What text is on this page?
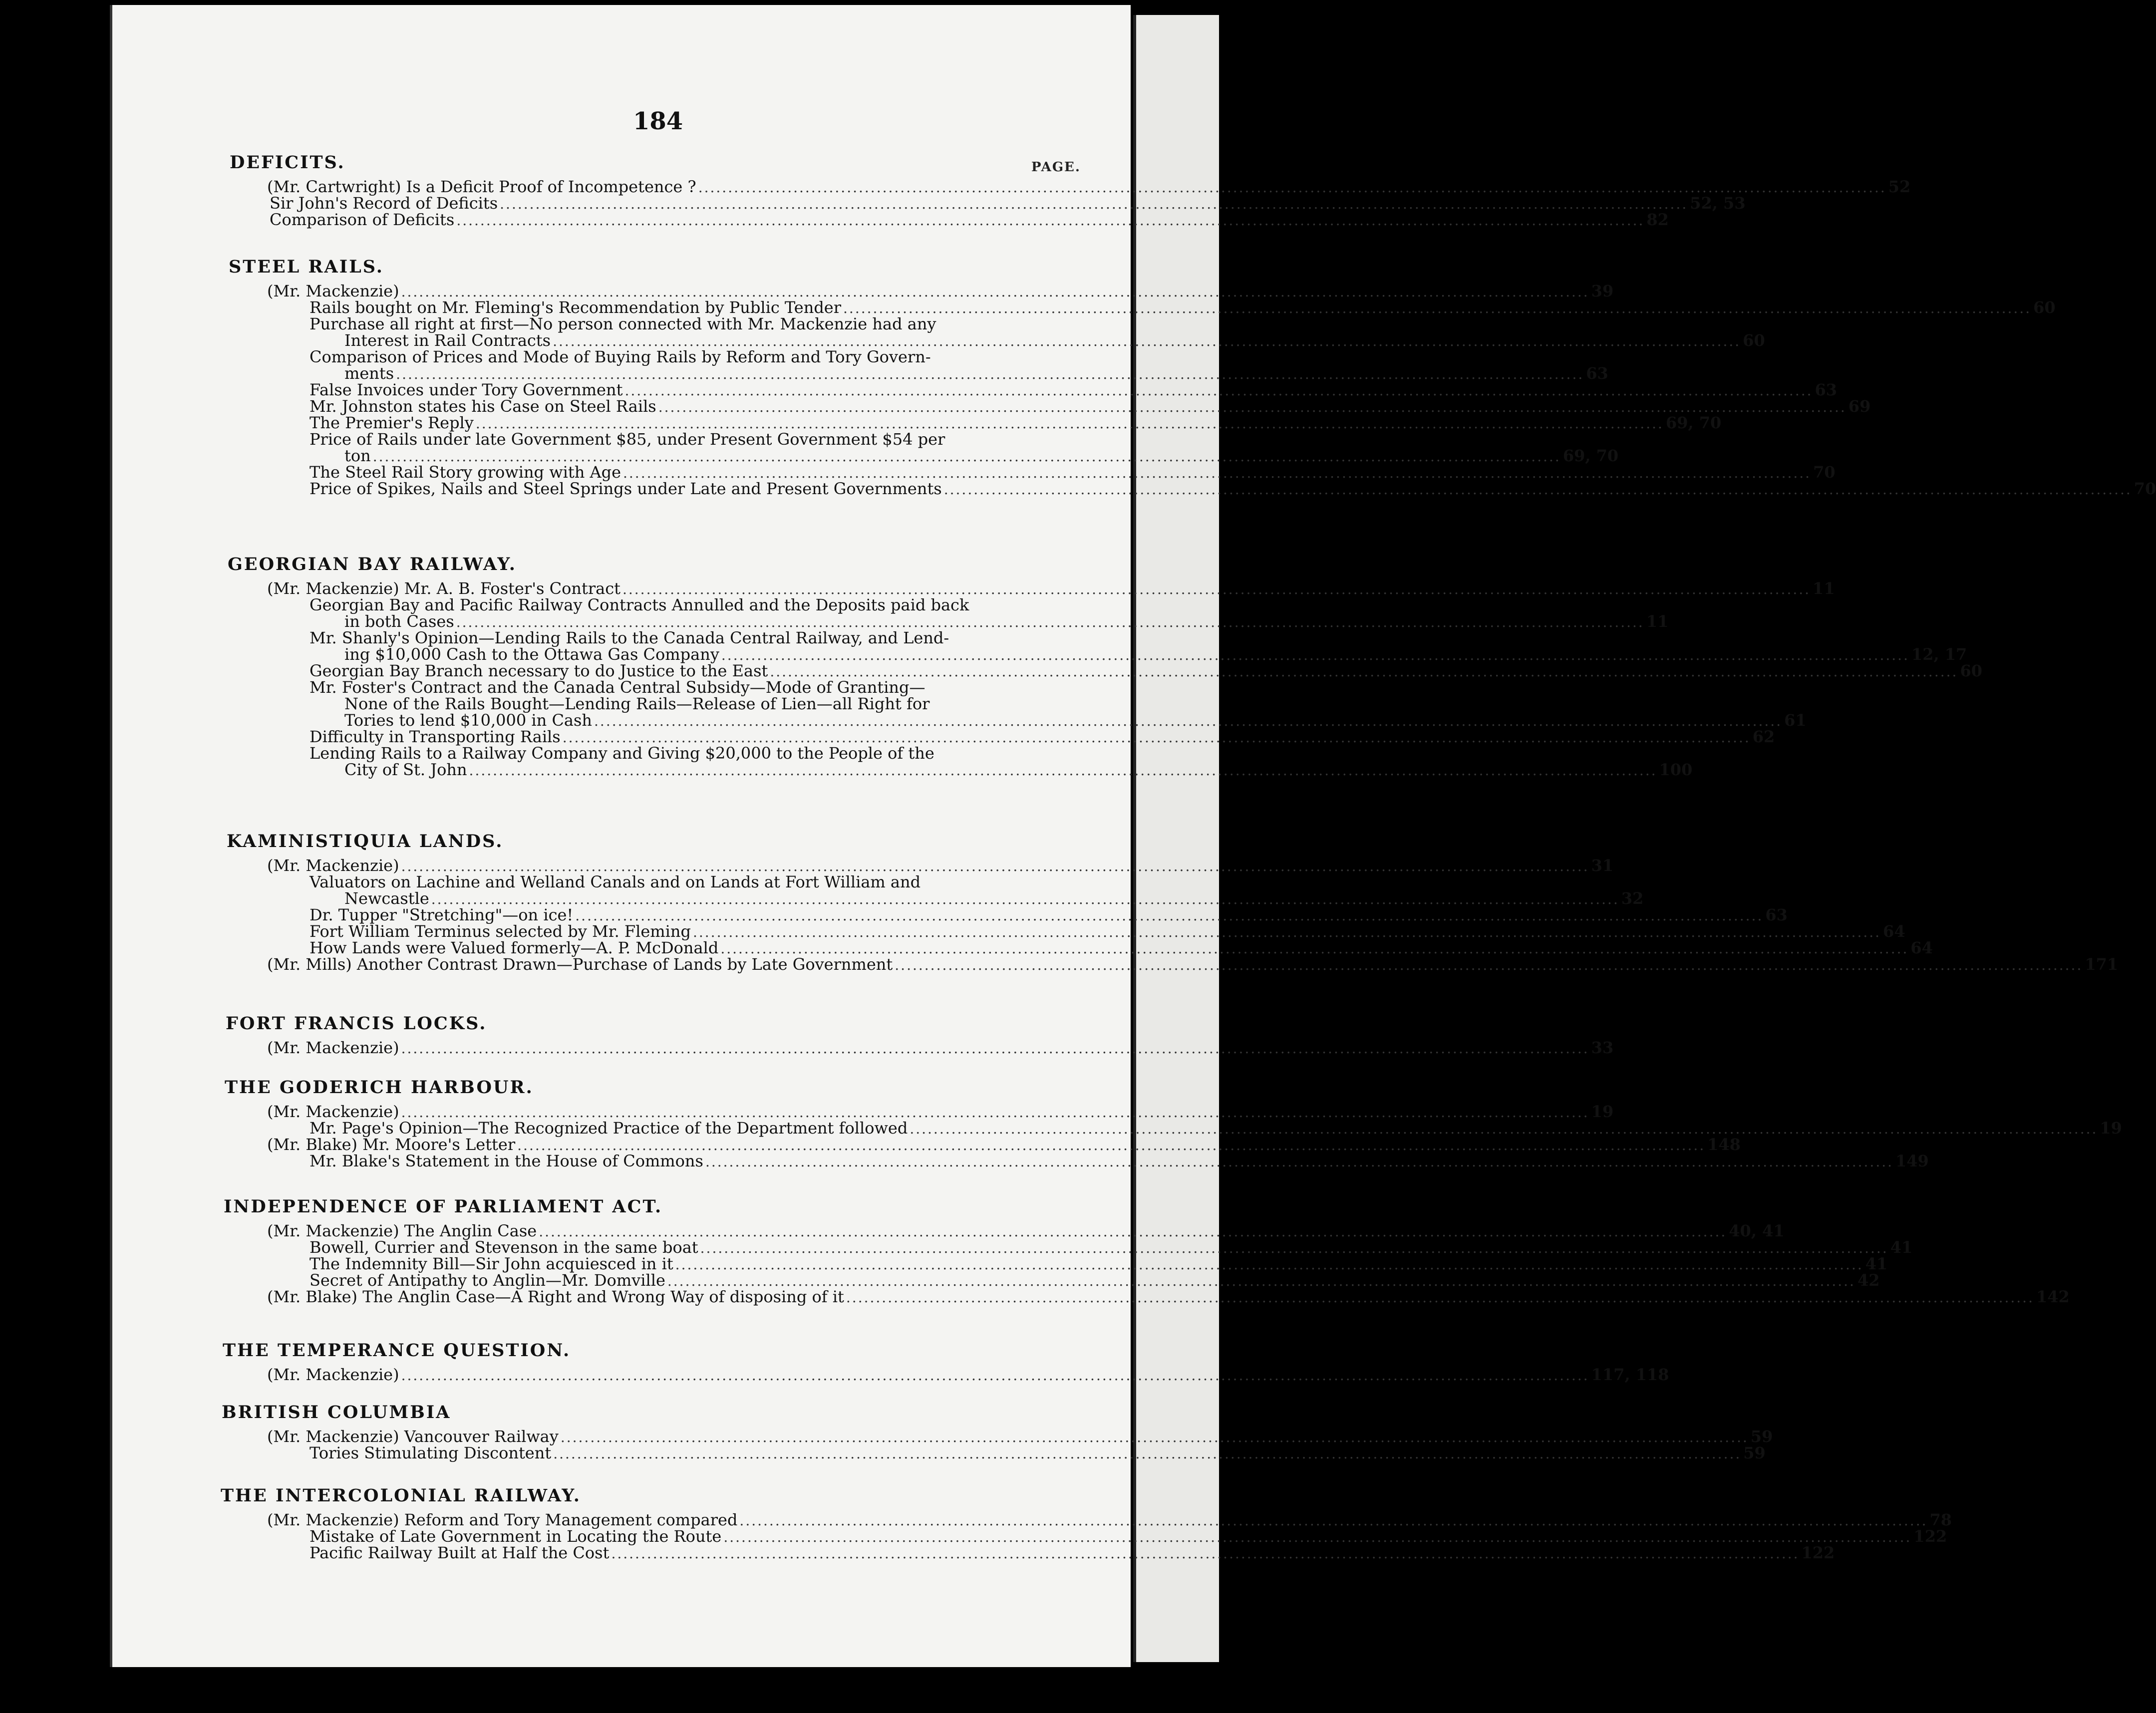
184
PAGE.
DEFICITS.
(Mr. Cartwright) Is a Deficit Proof of Incompetence ? ........................................................................................................................................................................................................ 52
Sir John's Record of Deficits ........................................................................................................................................................................................................ 52, 53
Comparison of Deficits ........................................................................................................................................................................................................ 82
STEEL RAILS.
(Mr. Mackenzie) ........................................................................................................................................................................................................ 39
Rails bought on Mr. Fleming's Recommendation by Public Tender ........................................................................................................................................................................................................ 60
Purchase all right at first—No person connected with Mr. Mackenzie had any
Interest in Rail Contracts ........................................................................................................................................................................................................ 60
Comparison of Prices and Mode of Buying Rails by Reform and Tory Govern-
ments ........................................................................................................................................................................................................ 63
False Invoices under Tory Government ........................................................................................................................................................................................................ 63
Mr. Johnston states his Case on Steel Rails ........................................................................................................................................................................................................ 69
The Premier's Reply ........................................................................................................................................................................................................ 69, 70
Price of Rails under late Government $85, under Present Government $54 per
ton ........................................................................................................................................................................................................ 69, 70
The Steel Rail Story growing with Age ........................................................................................................................................................................................................ 70
Price of Spikes, Nails and Steel Springs under Late and Present Governments ........................................................................................................................................................................................................ 70
GEORGIAN BAY RAILWAY.
(Mr. Mackenzie) Mr. A. B. Foster's Contract ........................................................................................................................................................................................................ 11
Georgian Bay and Pacific Railway Contracts Annulled and the Deposits paid back
in both Cases ........................................................................................................................................................................................................ 11
Mr. Shanly's Opinion—Lending Rails to the Canada Central Railway, and Lend-
ing $10,000 Cash to the Ottawa Gas Company ........................................................................................................................................................................................................ 12, 17
Georgian Bay Branch necessary to do Justice to the East ........................................................................................................................................................................................................ 60
Mr. Foster's Contract and the Canada Central Subsidy—Mode of Granting—
None of the Rails Bought—Lending Rails—Release of Lien—all Right for
Tories to lend $10,000 in Cash ........................................................................................................................................................................................................ 61
Difficulty in Transporting Rails ........................................................................................................................................................................................................ 62
Lending Rails to a Railway Company and Giving $20,000 to the People of the
City of St. John ........................................................................................................................................................................................................ 100
KAMINISTIQUIA LANDS.
(Mr. Mackenzie) ........................................................................................................................................................................................................ 31
Valuators on Lachine and Welland Canals and on Lands at Fort William and
Newcastle ........................................................................................................................................................................................................ 32
Dr. Tupper "Stretching"—on ice! ........................................................................................................................................................................................................ 63
Fort William Terminus selected by Mr. Fleming ........................................................................................................................................................................................................ 64
How Lands were Valued formerly—A. P. McDonald ........................................................................................................................................................................................................ 64
(Mr. Mills) Another Contrast Drawn—Purchase of Lands by Late Government ........................................................................................................................................................................................................ 171
FORT FRANCIS LOCKS.
(Mr. Mackenzie) ........................................................................................................................................................................................................ 33
THE GODERICH HARBOUR.
(Mr. Mackenzie) ........................................................................................................................................................................................................ 19
Mr. Page's Opinion—The Recognized Practice of the Department followed ........................................................................................................................................................................................................ 19
(Mr. Blake) Mr. Moore's Letter ........................................................................................................................................................................................................ 148
Mr. Blake's Statement in the House of Commons ........................................................................................................................................................................................................ 149
INDEPENDENCE OF PARLIAMENT ACT.
(Mr. Mackenzie) The Anglin Case ........................................................................................................................................................................................................ 40, 41
Bowell, Currier and Stevenson in the same boat ........................................................................................................................................................................................................ 41
The Indemnity Bill—Sir John acquiesced in it ........................................................................................................................................................................................................ 41
Secret of Antipathy to Anglin—Mr. Domville ........................................................................................................................................................................................................ 42
(Mr. Blake) The Anglin Case—A Right and Wrong Way of disposing of it ........................................................................................................................................................................................................ 142
THE TEMPERANCE QUESTION.
(Mr. Mackenzie) ........................................................................................................................................................................................................ 117, 118
BRITISH COLUMBIA
(Mr. Mackenzie) Vancouver Railway ........................................................................................................................................................................................................ 59
Tories Stimulating Discontent ........................................................................................................................................................................................................ 59
THE INTERCOLONIAL RAILWAY.
(Mr. Mackenzie) Reform and Tory Management compared ........................................................................................................................................................................................................ 78
Mistake of Late Government in Locating the Route ........................................................................................................................................................................................................ 122
Pacific Railway Built at Half the Cost ........................................................................................................................................................................................................ 122
